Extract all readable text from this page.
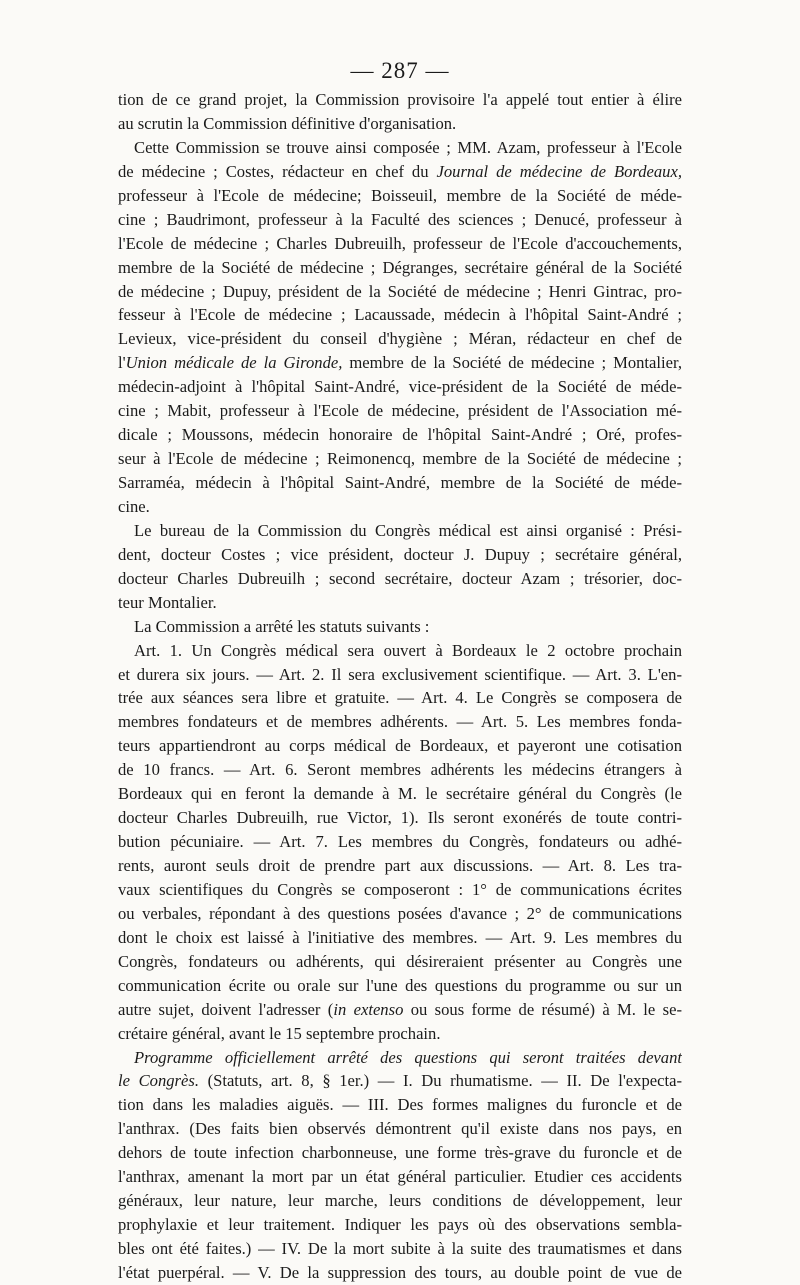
— 287 —
tion de ce grand projet, la Commission provisoire l'a appelé tout entier à élire
au scrutin la Commission définitive d'organisation.
Cette Commission se trouve ainsi composée ; MM. Azam, professeur à l'Ecole
de médecine ; Costes, rédacteur en chef du Journal de médecine de Bordeaux,
professeur à l'Ecole de médecine; Boisseuil, membre de la Société de méde-
cine ; Baudrimont, professeur à la Faculté des sciences ; Denucé, professeur à
l'Ecole de médecine ; Charles Dubreuilh, professeur de l'Ecole d'accouchements,
membre de la Société de médecine ; Dégranges, secrétaire général de la Société
de médecine ; Dupuy, président de la Société de médecine ; Henri Gintrac, pro-
fesseur à l'Ecole de médecine ; Lacaussade, médecin à l'hôpital Saint-André ;
Levieux, vice-président du conseil d'hygiène ; Méran, rédacteur en chef de
l'Union médicale de la Gironde, membre de la Société de médecine ; Montalier,
médecin-adjoint à l'hôpital Saint-André, vice-président de la Société de méde-
cine ; Mabit, professeur à l'Ecole de médecine, président de l'Association mé-
dicale ; Moussons, médecin honoraire de l'hôpital Saint-André ; Oré, profes-
seur à l'Ecole de médecine ; Reimonencq, membre de la Société de médecine ;
Sarraméa, médecin à l'hôpital Saint-André, membre de la Société de méde-
cine.
Le bureau de la Commission du Congrès médical est ainsi organisé : Prési-
dent, docteur Costes ; vice président, docteur J. Dupuy ; secrétaire général,
docteur Charles Dubreuilh ; second secrétaire, docteur Azam ; trésorier, doc-
teur Montalier.
La Commission a arrêté les statuts suivants :
Art. 1. Un Congrès médical sera ouvert à Bordeaux le 2 octobre prochain
et durera six jours. — Art. 2. Il sera exclusivement scientifique. — Art. 3. L'en-
trée aux séances sera libre et gratuite. — Art. 4. Le Congrès se composera de
membres fondateurs et de membres adhérents. — Art. 5. Les membres fonda-
teurs appartiendront au corps médical de Bordeaux, et payeront une cotisation
de 10 francs. — Art. 6. Seront membres adhérents les médecins étrangers à
Bordeaux qui en feront la demande à M. le secrétaire général du Congrès (le
docteur Charles Dubreuilh, rue Victor, 1). Ils seront exonérés de toute contri-
bution pécuniaire. — Art. 7. Les membres du Congrès, fondateurs ou adhé-
rents, auront seuls droit de prendre part aux discussions. — Art. 8. Les tra-
vaux scientifiques du Congrès se composeront : 1° de communications écrites
ou verbales, répondant à des questions posées d'avance ; 2° de communications
dont le choix est laissé à l'initiative des membres. — Art. 9. Les membres du
Congrès, fondateurs ou adhérents, qui désireraient présenter au Congrès une
communication écrite ou orale sur l'une des questions du programme ou sur un
autre sujet, doivent l'adresser (in extenso ou sous forme de résumé) à M. le se-
crétaire général, avant le 15 septembre prochain.
Programme officiellement arrêté des questions qui seront traitées devant
le Congrès. (Statuts, art. 8, § 1er.) — I. Du rhumatisme. — II. De l'expecta-
tion dans les maladies aiguës. — III. Des formes malignes du furoncle et de
l'anthrax. (Des faits bien observés démontrent qu'il existe dans nos pays, en
dehors de toute infection charbonneuse, une forme très-grave du furoncle et de
l'anthrax, amenant la mort par un état général particulier. Etudier ces accidents
généraux, leur nature, leur marche, leurs conditions de développement, leur
prophylaxie et leur traitement. Indiquer les pays où des observations sembla-
bles ont été faites.) — IV. De la mort subite à la suite des traumatismes et dans
l'état puerpéral. — V. De la suppression des tours, au double point de vue de
